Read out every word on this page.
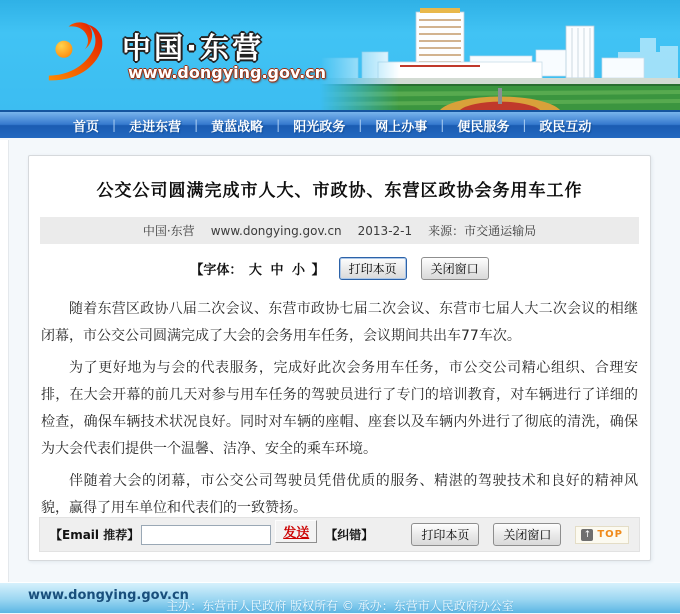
中国·东营
www.dongying.gov.cn
首页	|	走进东营	|	黄蓝战略	|	阳光政务	|	网上办事	|	便民服务	|	政民互动
公交公司圆满完成市人大、市政协、东营区政协会务用车工作
中国·东营 www.dongying.gov.cn 2013-2-1 来源：市交通运输局
【字体： 大 中 小 】	打印本页	关闭窗口

随着东营区政协八届二次会议、东营市政协七届二次会议、东营市七届人大二次会议的相继闭幕，市公交公司圆满完成了大会的会务用车任务，会议期间共出车77车次。

为了更好地为与会的代表服务，完成好此次会务用车任务，市公交公司精心组织、合理安排，在大会开幕的前几天对参与用车任务的驾驶员进行了专门的培训教育，对车辆进行了详细的检查，确保车辆技术状况良好。同时对车辆的座帽、座套以及车辆内外进行了彻底的清洗，确保为大会代表们提供一个温馨、洁净、安全的乘车环境。

伴随着大会的闭幕，市公交公司驾驶员凭借优质的服务、精湛的驾驶技术和良好的精神风貌，赢得了用车单位和代表们的一致赞扬。

【Email 推荐】	发送	【纠错】	打印本页	关闭窗口	↑ TOP
www.dongying.gov.cn
主办：东营市人民政府 版权所有 © 承办：东营市人民政府办公室
